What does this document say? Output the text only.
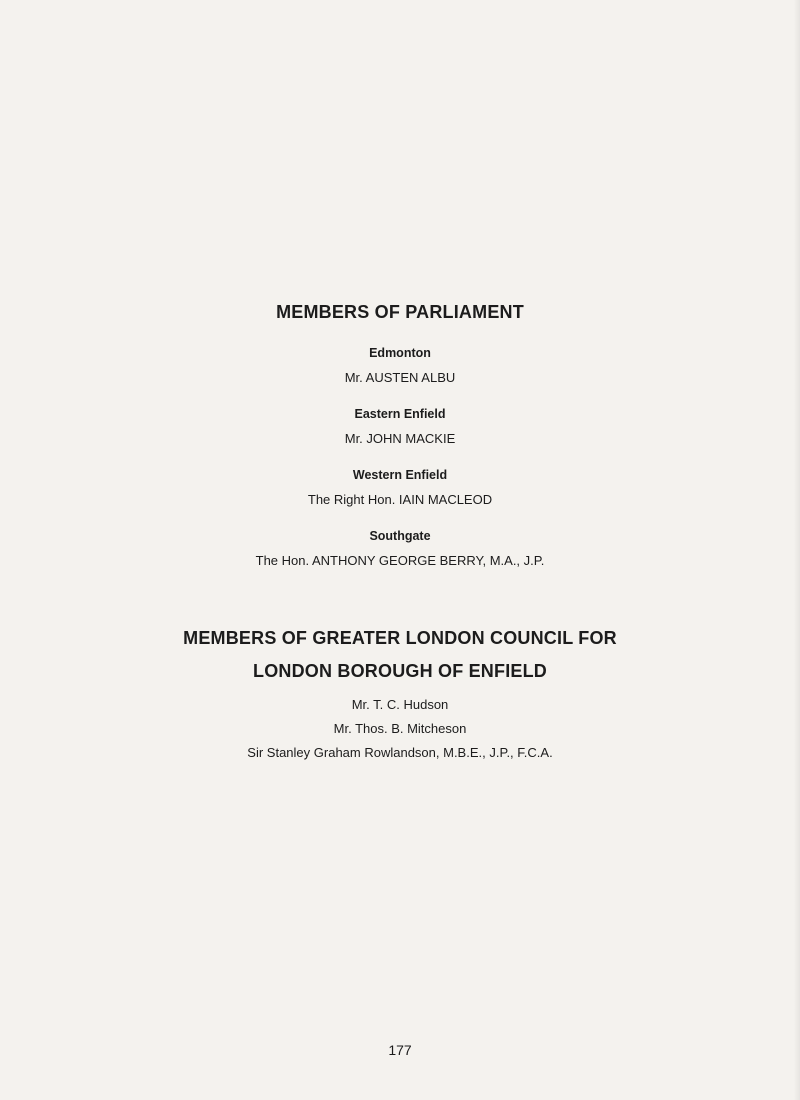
MEMBERS OF PARLIAMENT
Edmonton
Mr. AUSTEN ALBU
Eastern Enfield
Mr. JOHN MACKIE
Western Enfield
The Right Hon. IAIN MACLEOD
Southgate
The Hon. ANTHONY GEORGE BERRY, M.A., J.P.
MEMBERS OF GREATER LONDON COUNCIL FOR
LONDON BOROUGH OF ENFIELD
Mr. T. C. Hudson
Mr. Thos. B. Mitcheson
Sir Stanley Graham Rowlandson, M.B.E., J.P., F.C.A.
177
